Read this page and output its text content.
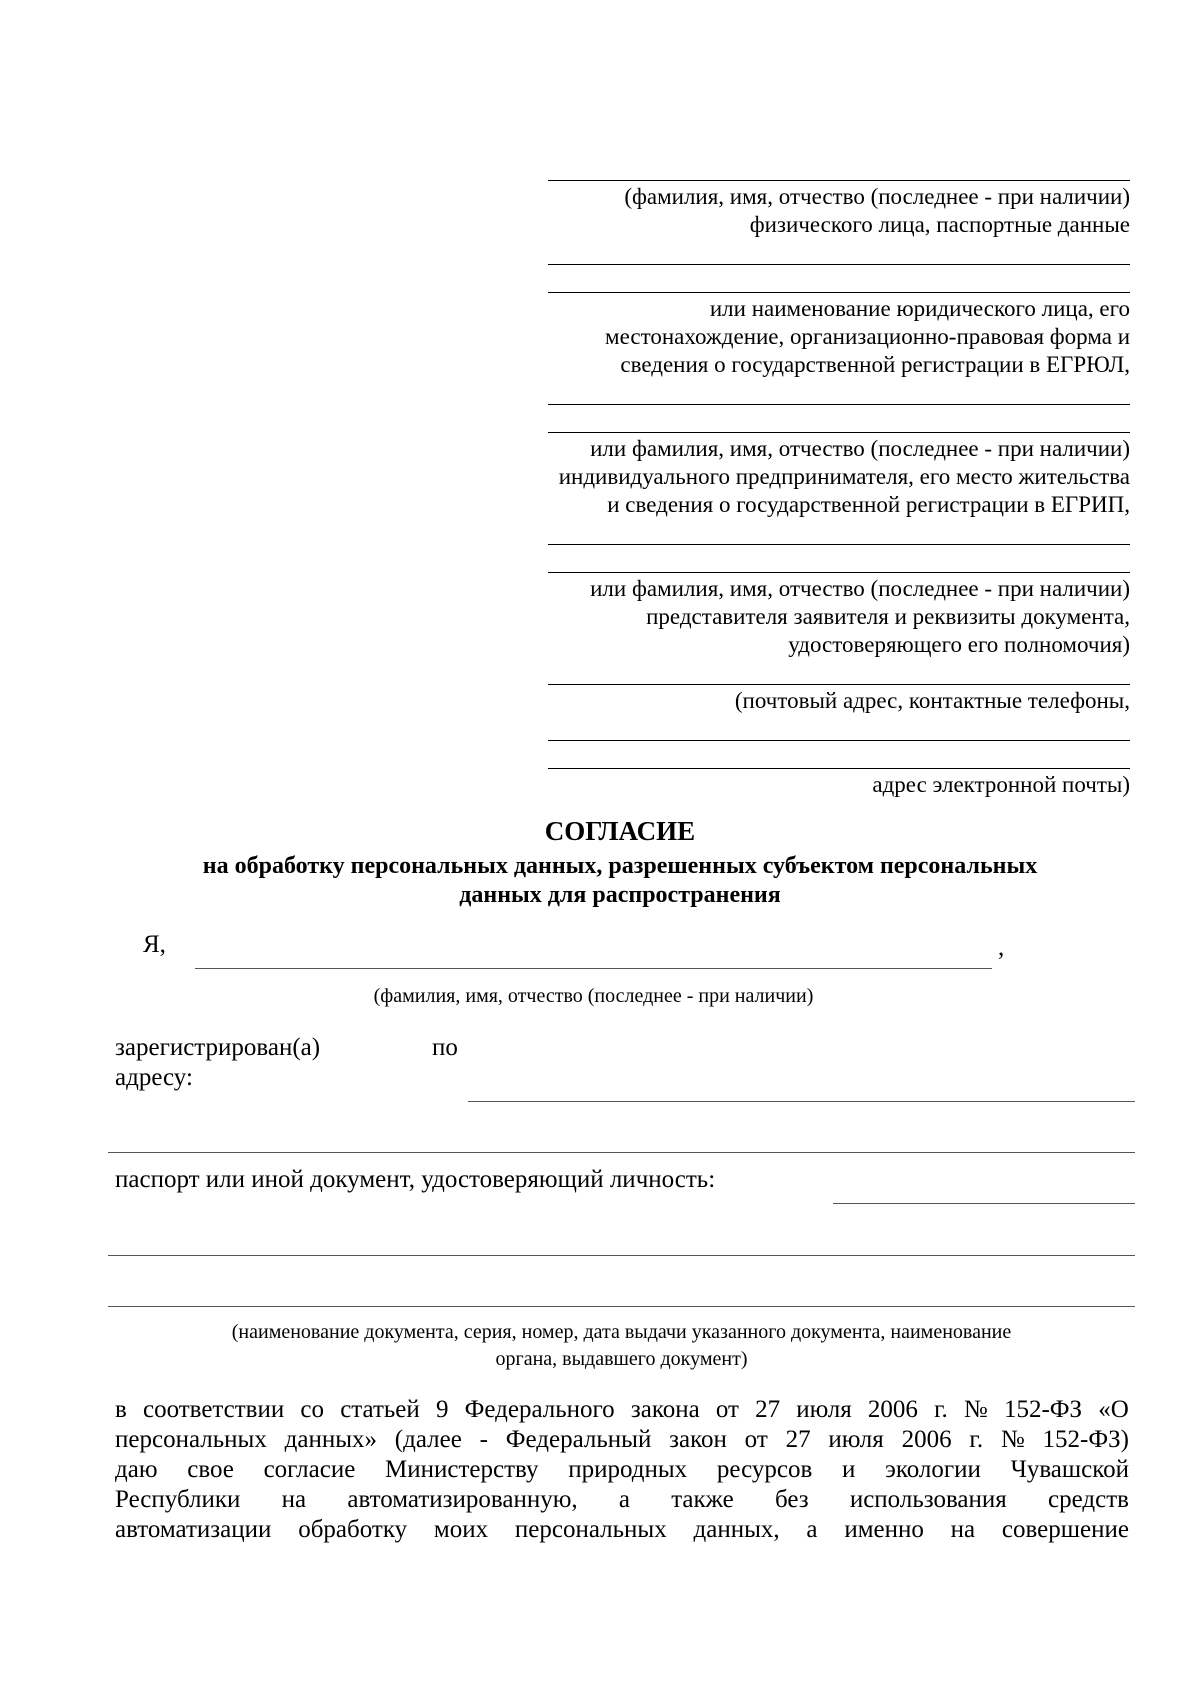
(фамилия, имя, отчество (последнее - при наличии)
физического лица, паспортные данные
или наименование юридического лица, его
местонахождение, организационно-правовая форма и
сведения о государственной регистрации в ЕГРЮЛ,
или фамилия, имя, отчество (последнее - при наличии)
индивидуального предпринимателя, его место жительства
и сведения о государственной регистрации в ЕГРИП,
или фамилия, имя, отчество (последнее - при наличии)
представителя заявителя и реквизиты документа,
удостоверяющего его полномочия)
(почтовый адрес, контактные телефоны,
адрес электронной почты)
СОГЛАСИЕ
на обработку персональных данных, разрешенных субъектом персональных
данных для распространения
Я,	,
(фамилия, имя, отчество (последнее - при наличии)
зарегистрирован(а)	по
адресу:
паспорт или иной документ, удостоверяющий личность:
(наименование документа, серия, номер, дата выдачи указанного документа, наименование
органа, выдавшего документ)
в соответствии со статьей 9 Федерального закона от 27 июля 2006 г. № 152-ФЗ «О
персональных данных» (далее - Федеральный закон от 27 июля 2006 г. № 152-ФЗ)
даю свое согласие Министерству природных ресурсов и экологии Чувашской
Республики на автоматизированную, а также без использования средств
автоматизации обработку моих персональных данных, а именно на совершение
